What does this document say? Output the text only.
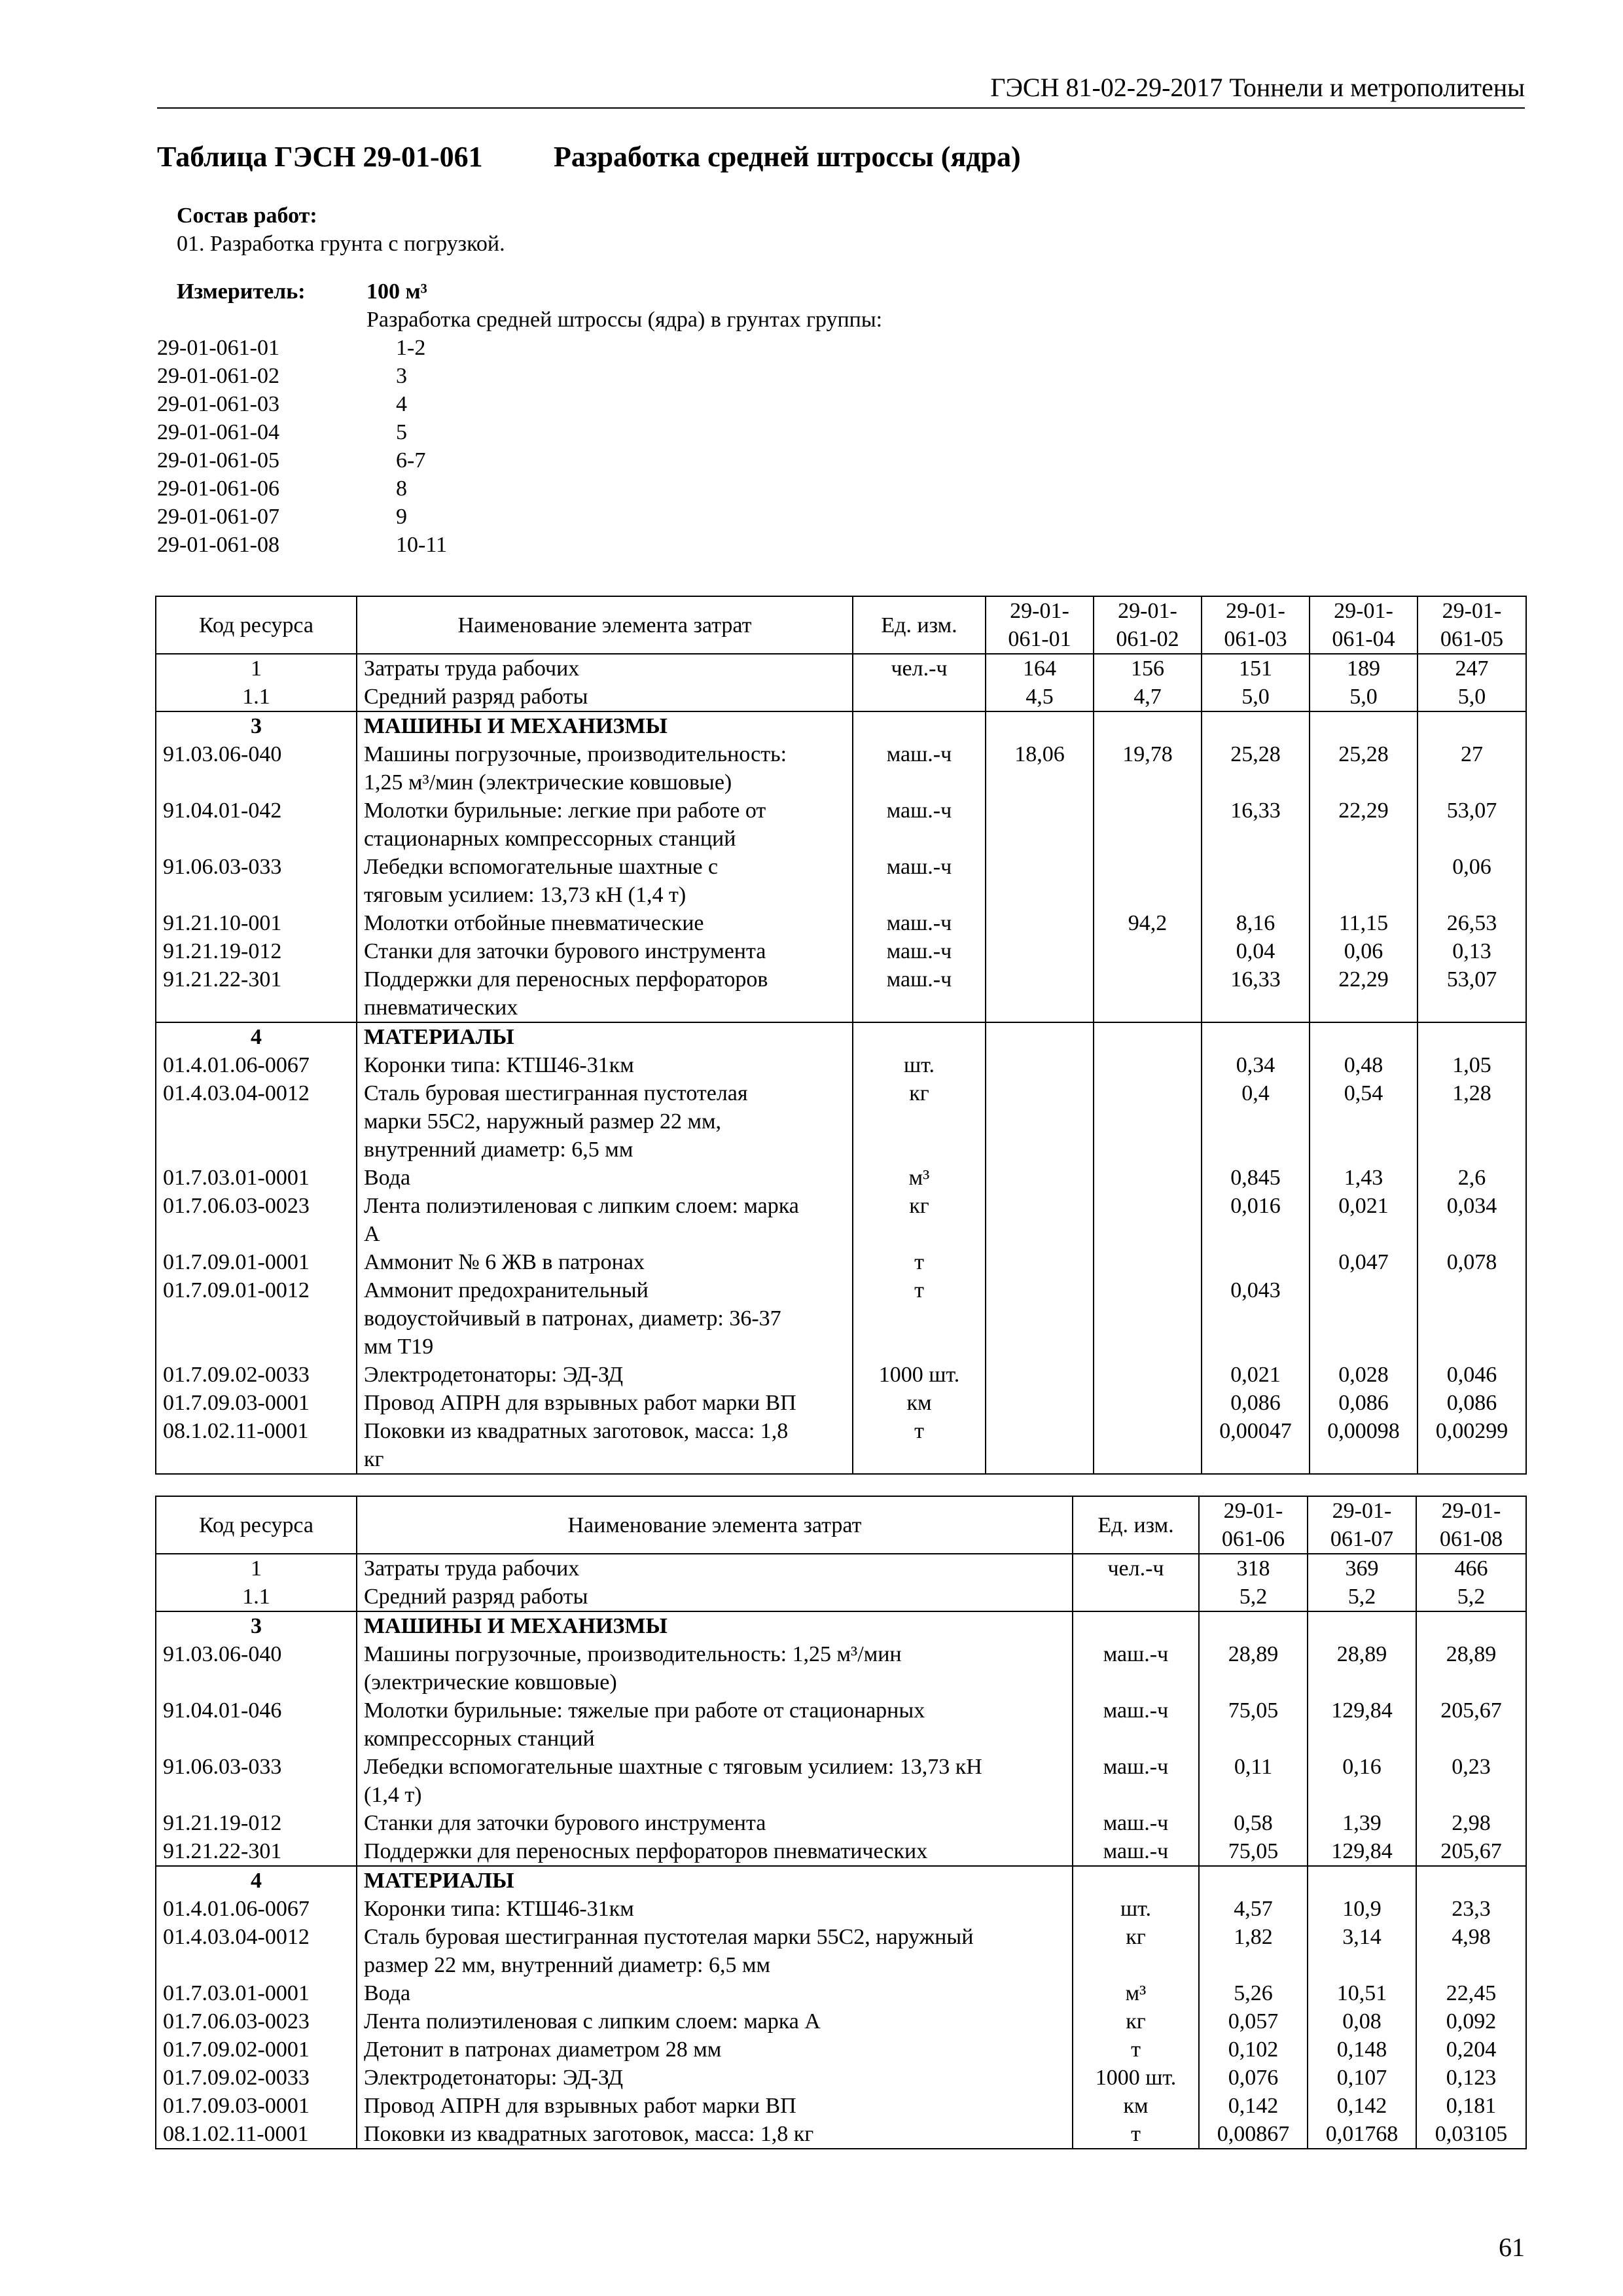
ГЭСН 81-02-29-2017 Тоннели и метрополитены
Таблица ГЭСН 29-01-061 Разработка средней штроссы (ядра)
Состав работ:
01. Разработка грунта с погрузкой.
Измеритель:	100 м³
Разработка средней штроссы (ядра) в грунтах группы:
29-01-061-01	1-2
29-01-061-02	3
29-01-061-03	4
29-01-061-04	5
29-01-061-05	6-7
29-01-061-06	8
29-01-061-07	9
29-01-061-08	10-11
Код ресурса	Наименование элемента затрат	Ед. изм.	29-01-
061-01	29-01-
061-02	29-01-
061-03	29-01-
061-04	29-01-
061-05
1	Затраты труда рабочих	чел.-ч	164	156	151	189	247
1.1	Средний разряд работы		4,5	4,7	5,0	5,0	5,0
3	МАШИНЫ И МЕХАНИЗМЫ						
91.03.06-040	Машины погрузочные, производительность:
1,25 м³/мин (электрические ковшовые)	маш.-ч	18,06	19,78	25,28	25,28	27
91.04.01-042	Молотки бурильные: легкие при работе от
стационарных компрессорных станций	маш.-ч			16,33	22,29	53,07
91.06.03-033	Лебедки вспомогательные шахтные с
тяговым усилием: 13,73 кН (1,4 т)	маш.-ч					0,06
91.21.10-001	Молотки отбойные пневматические	маш.-ч		94,2	8,16	11,15	26,53
91.21.19-012	Станки для заточки бурового инструмента	маш.-ч			0,04	0,06	0,13
91.21.22-301	Поддержки для переносных перфораторов
пневматических	маш.-ч			16,33	22,29	53,07
4	МАТЕРИАЛЫ						
01.4.01.06-0067	Коронки типа: КТШ46-31км	шт.			0,34	0,48	1,05
01.4.03.04-0012	Сталь буровая шестигранная пустотелая
марки 55С2, наружный размер 22 мм,
внутренний диаметр: 6,5 мм	кг			0,4	0,54	1,28
01.7.03.01-0001	Вода	м³			0,845	1,43	2,6
01.7.06.03-0023	Лента полиэтиленовая с липким слоем: марка
А	кг			0,016	0,021	0,034
01.7.09.01-0001	Аммонит № 6 ЖВ в патронах	т				0,047	0,078
01.7.09.01-0012	Аммонит предохранительный
водоустойчивый в патронах, диаметр: 36-37
мм Т19	т			0,043		
01.7.09.02-0033	Электродетонаторы: ЭД-ЗД	1000 шт.			0,021	0,028	0,046
01.7.09.03-0001	Провод АПРН для взрывных работ марки ВП	км			0,086	0,086	0,086
08.1.02.11-0001	Поковки из квадратных заготовок, масса: 1,8
кг	т			0,00047	0,00098	0,00299
Код ресурса	Наименование элемента затрат	Ед. изм.	29-01-
061-06	29-01-
061-07	29-01-
061-08
1	Затраты труда рабочих	чел.-ч	318	369	466
1.1	Средний разряд работы		5,2	5,2	5,2
3	МАШИНЫ И МЕХАНИЗМЫ				
91.03.06-040	Машины погрузочные, производительность: 1,25 м³/мин
(электрические ковшовые)	маш.-ч	28,89	28,89	28,89
91.04.01-046	Молотки бурильные: тяжелые при работе от стационарных
компрессорных станций	маш.-ч	75,05	129,84	205,67
91.06.03-033	Лебедки вспомогательные шахтные с тяговым усилием: 13,73 кН
(1,4 т)	маш.-ч	0,11	0,16	0,23
91.21.19-012	Станки для заточки бурового инструмента	маш.-ч	0,58	1,39	2,98
91.21.22-301	Поддержки для переносных перфораторов пневматических	маш.-ч	75,05	129,84	205,67
4	МАТЕРИАЛЫ				
01.4.01.06-0067	Коронки типа: КТШ46-31км	шт.	4,57	10,9	23,3
01.4.03.04-0012	Сталь буровая шестигранная пустотелая марки 55С2, наружный
размер 22 мм, внутренний диаметр: 6,5 мм	кг	1,82	3,14	4,98
01.7.03.01-0001	Вода	м³	5,26	10,51	22,45
01.7.06.03-0023	Лента полиэтиленовая с липким слоем: марка А	кг	0,057	0,08	0,092
01.7.09.02-0001	Детонит в патронах диаметром 28 мм	т	0,102	0,148	0,204
01.7.09.02-0033	Электродетонаторы: ЭД-ЗД	1000 шт.	0,076	0,107	0,123
01.7.09.03-0001	Провод АПРН для взрывных работ марки ВП	км	0,142	0,142	0,181
08.1.02.11-0001	Поковки из квадратных заготовок, масса: 1,8 кг	т	0,00867	0,01768	0,03105
61
